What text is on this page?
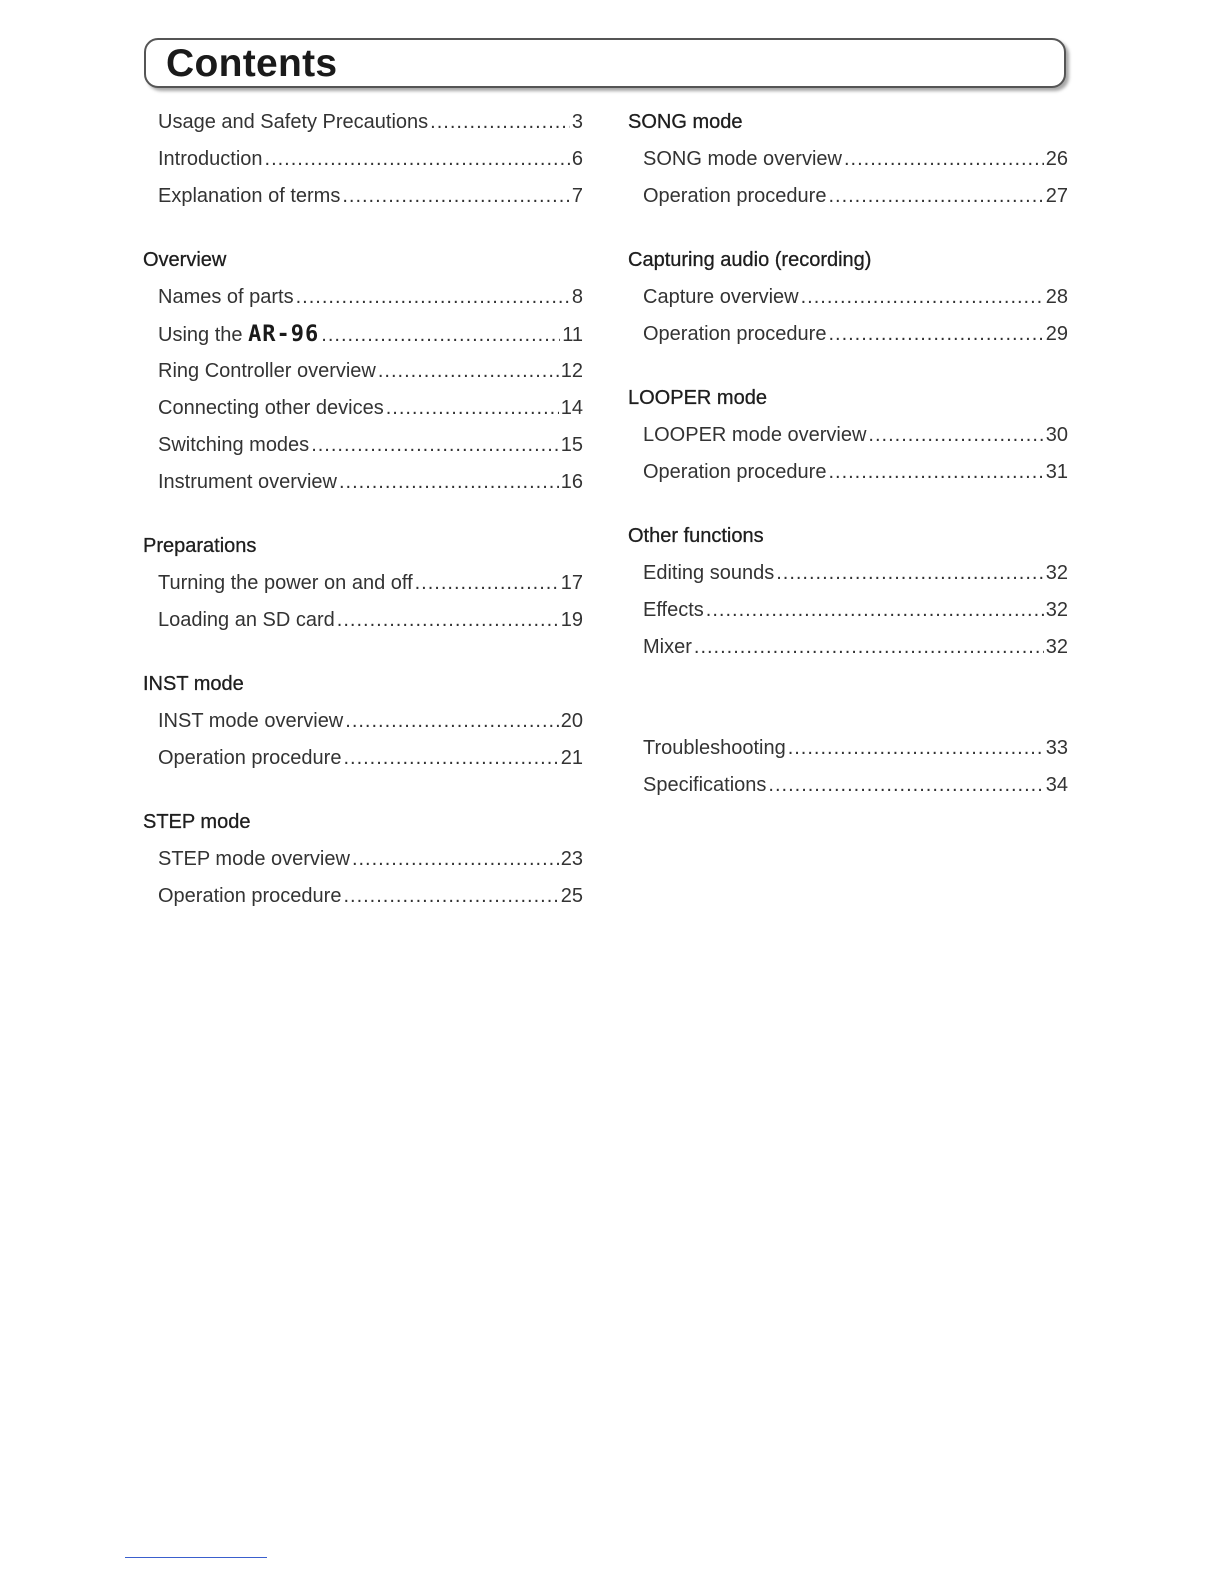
Contents
Usage and Safety Precautions .....	3
Introduction .....	6
Explanation of terms .....	7
Overview
Names of parts .....	8
Using the AR-96 .....	11
Ring Controller overview .....	12
Connecting other devices .....	14
Switching modes .....	15
Instrument overview .....	16
Preparations
Turning the power on and off .....	17
Loading an SD card .....	19
INST mode
INST mode overview .....	20
Operation procedure .....	21
STEP mode
STEP mode overview .....	23
Operation procedure .....	25
SONG mode
SONG mode overview .....	26
Operation procedure .....	27
Capturing audio (recording)
Capture overview .....	28
Operation procedure .....	29
LOOPER mode
LOOPER mode overview .....	30
Operation procedure .....	31
Other functions
Editing sounds .....	32
Effects .....	32
Mixer .....	32
Troubleshooting .....	33
Specifications .....	34
